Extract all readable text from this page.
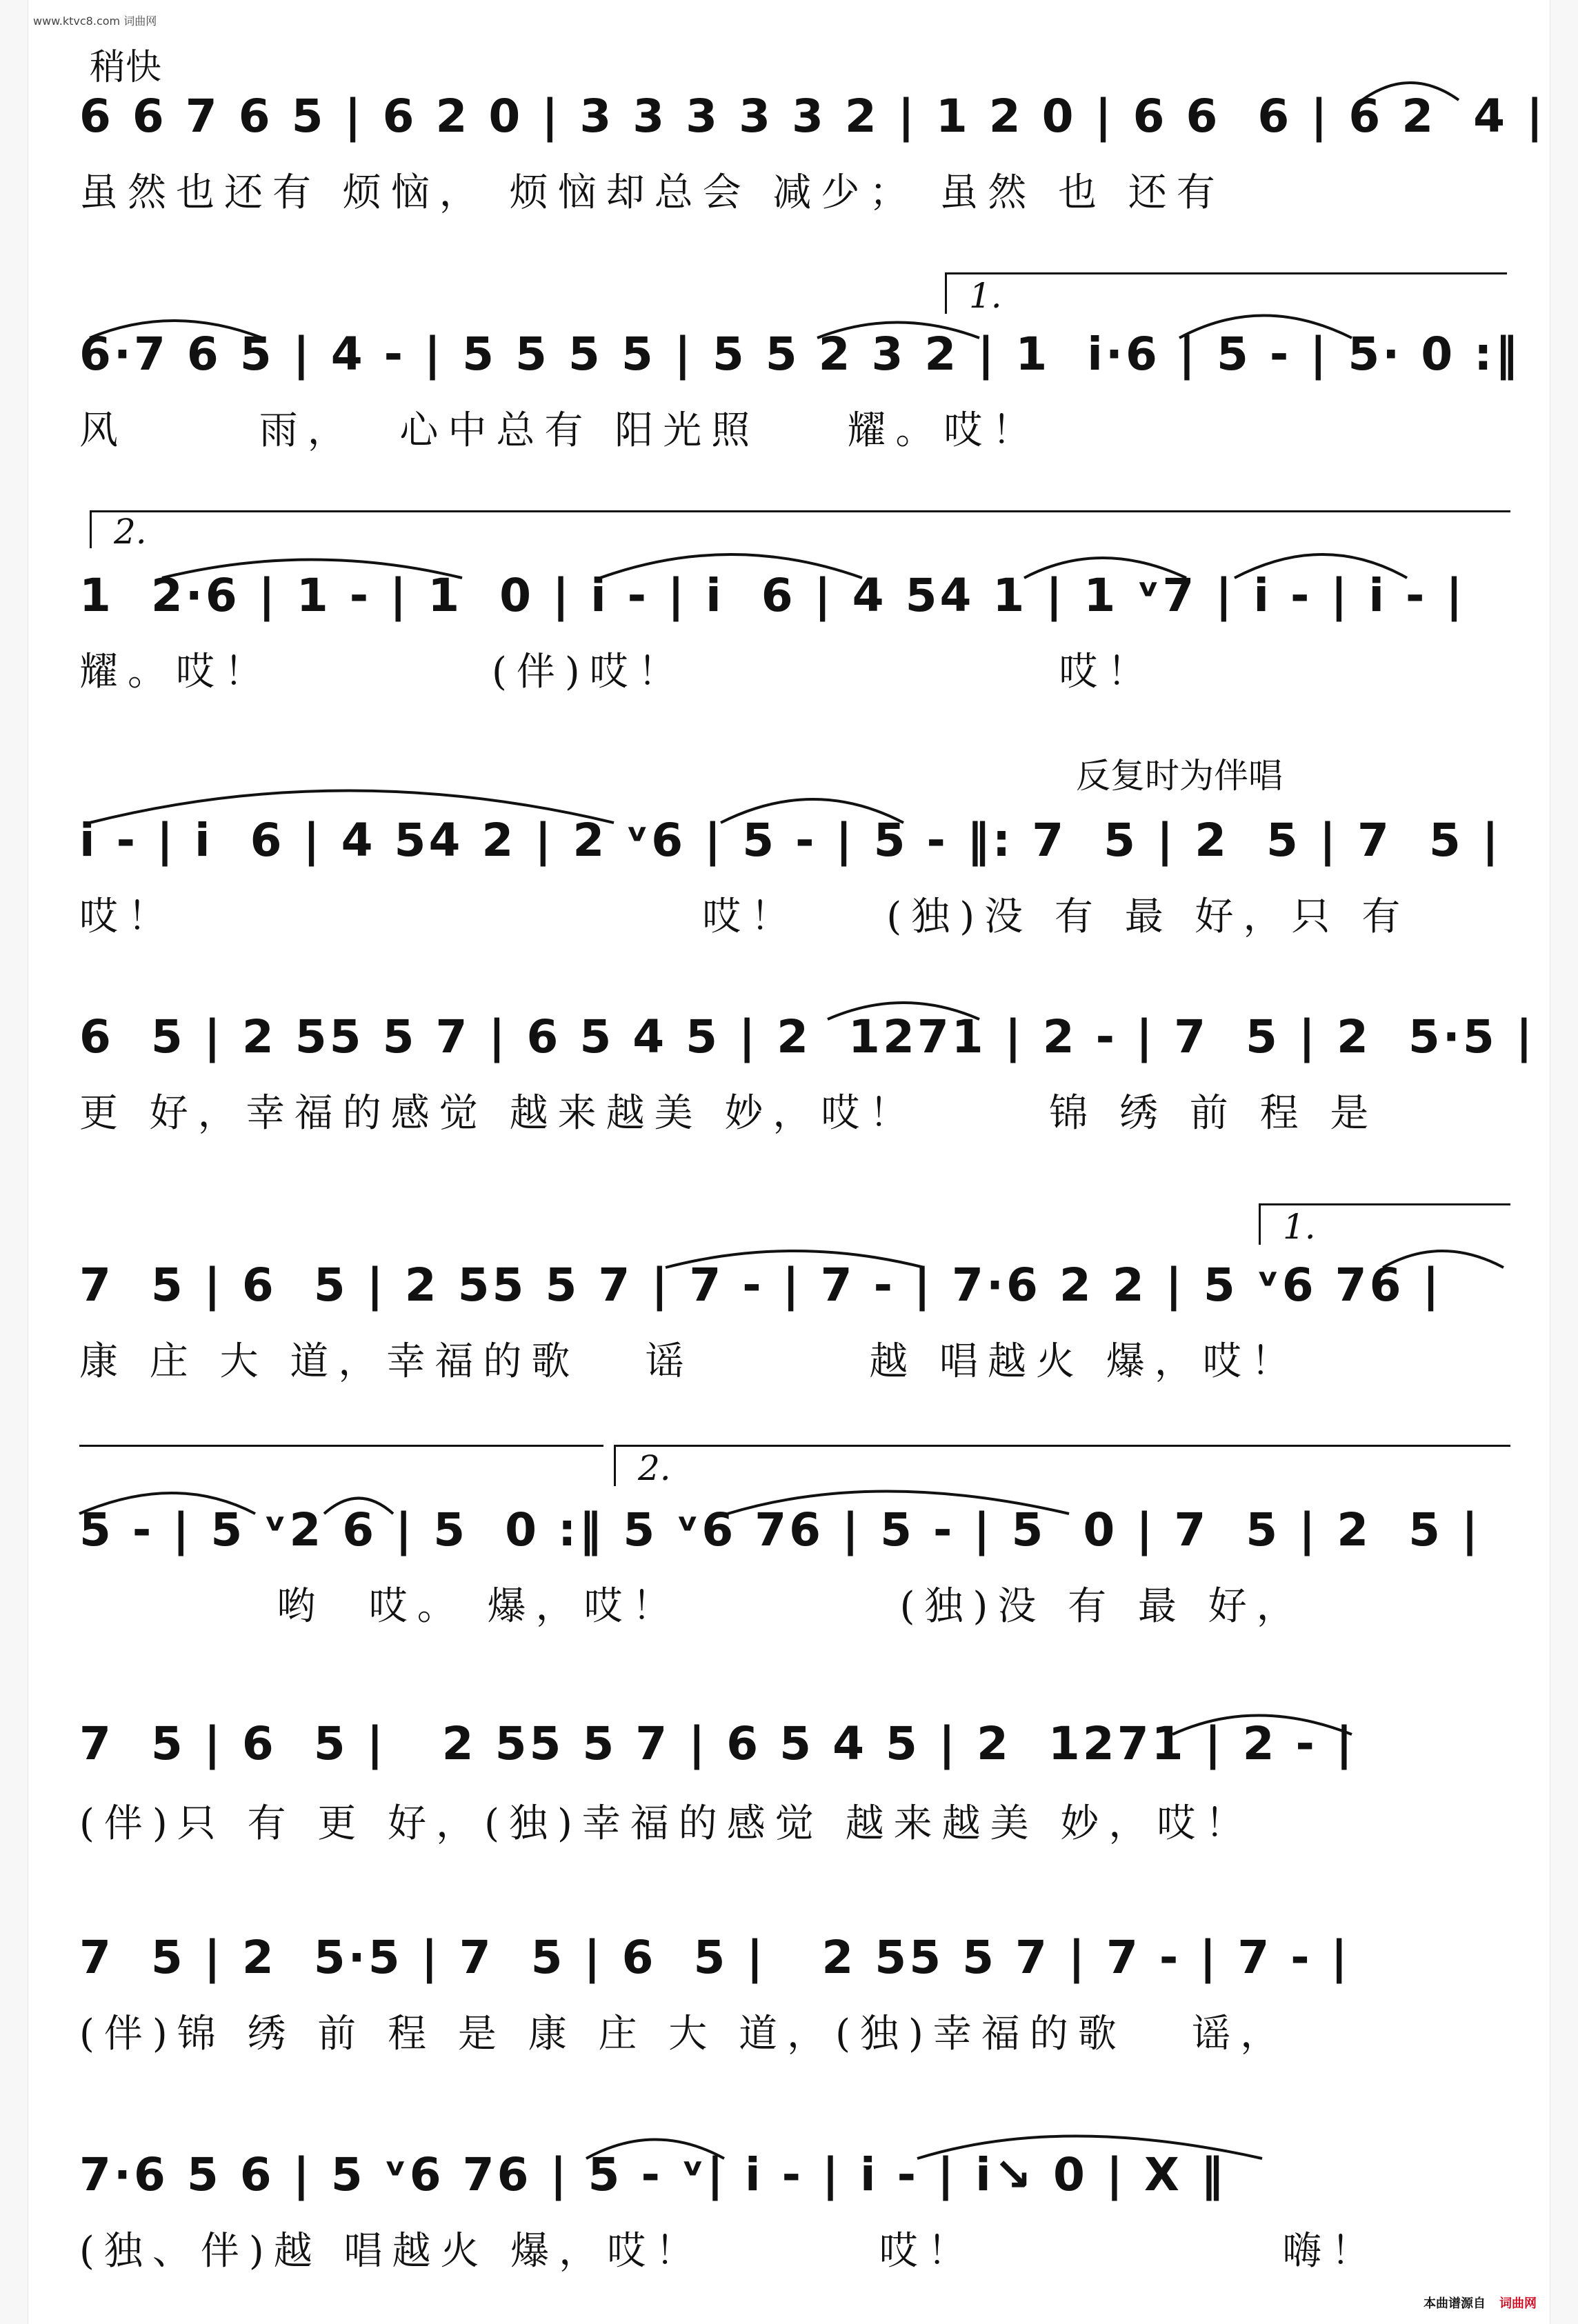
www.ktvc8.com 词曲网
稍快
6 6 7 6 5 | 6 2 0 | 3 3 3 3 3 2 | 1 2 0 | 6 6  6 | 6 2  4 |
虽然也还有 烦恼， 烦恼却总会 减少； 虽然 也 还有
1.
6·7 6 5 | 4 - | 5 5 5 5 | 5 5 2 3 2 | 1  i·6 | 5 - | 5· 0 :‖
风      雨，  心中总有 阳光照    耀。哎！
2.
1  2·6 | 1 - | 1  0 | i - | i  6 | 4 54 1 | 1 ᵛ7 | i - | i - |
耀。哎！          (伴)哎！                 哎！
反复时为伴唱
i - | i  6 | 4 54 2 | 2 ᵛ6 | 5 - | 5 - ‖: 7  5 | 2  5 | 7  5 |
哎！                        哎！    (独)没 有 最 好，只 有
6  5 | 2 55 5 7 | 6 5 4 5 | 2  1271 | 2 - | 7  5 | 2  5·5 |
更 好，幸福的感觉 越来越美 妙，哎！      锦 绣 前 程 是
1.
7  5 | 6  5 | 2 55 5 7 | 7 - | 7 - | 7·6 2 2 | 5 ᵛ6 76 |
康 庄 大 道，幸福的歌   谣        越 唱越火 爆，哎！
2.
5 - | 5 ᵛ2 6 | 5  0 :‖ 5 ᵛ6 76 | 5 - | 5  0 | 7  5 | 2  5 |
哟  哎。 爆，哎！          (独)没 有 最 好，
7  5 | 6  5 |   2 55 5 7 | 6 5 4 5 | 2  1271 | 2 - |
(伴)只 有 更 好，(独)幸福的感觉 越来越美 妙，哎！
7  5 | 2  5·5 | 7  5 | 6  5 |   2 55 5 7 | 7 - | 7 - |
(伴)锦 绣 前 程 是 康 庄 大 道，(独)幸福的歌   谣，
7·6 5 6 | 5 ᵛ6 76 | 5 - ᵛ| i - | i - | i↘ 0 | X ‖
(独、伴)越 唱越火 爆，哎！        哎！              嗨！
本曲谱源自 词曲网
